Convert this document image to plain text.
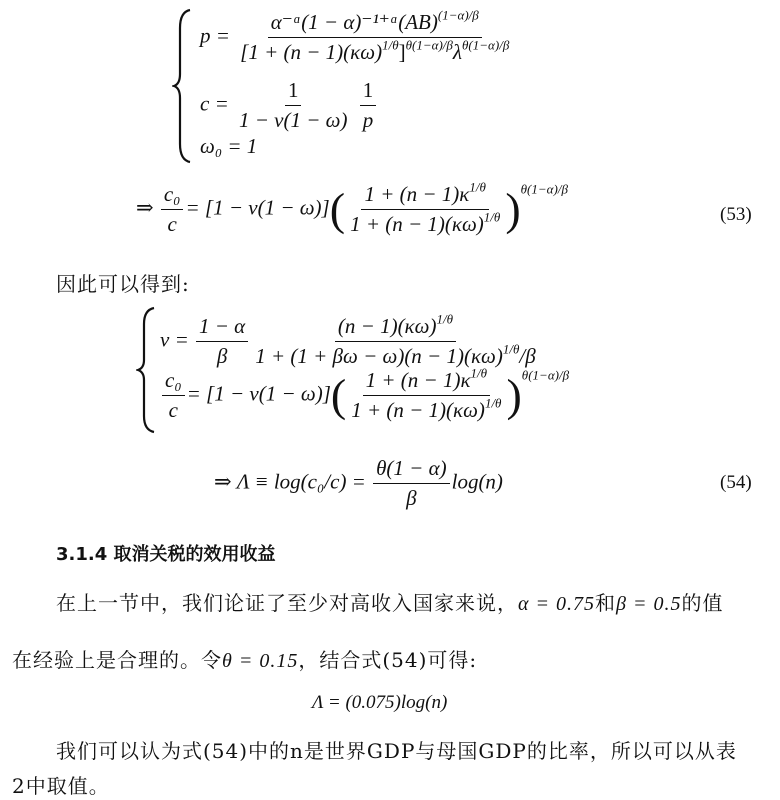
$p = \frac{\alpha^-ᵅ(1 - \alpha)^{-1+}ᵅ(AB)^{(1-\alpha)/\beta}}{[1 + (n - 1)(\kappa\omega)^{1/\theta}]^{\theta(1-\alpha)/\beta}\lambda^{\theta(1-\alpha)/\beta}}$
$c = \frac{1}{1 - v(1 - \omega)}$
$\frac{1}{p}$
ω₀ = 1
⇒ $\frac{\text{c₀}}{c} = [1 - v(1 - \omega)]( \frac{1 + (n - 1)\kappa^{1/\theta}}{1 + (n - 1)(\kappa\omega)^{1/\theta}} )^{\theta(1-\alpha)/\beta}$
(53)
因此可以得到:
$v = \frac{1 - \alpha}{\beta} \frac{(n - 1)(\kappa\omega)^{1/\theta}}{1 + (1 + \beta\omega - \omega)(n - 1)(\kappa\omega)^{1/\theta}/\beta}$
$\frac{\text{c₀}}{c} = [1 - v(1 - \omega)]( \frac{1 + (n - 1)\kappa^{1/\theta}}{1 + (n - 1)(\kappa\omega)^{1/\theta}} )^{\theta(1-\alpha)/\beta}$
⇒ $\Lambda \equiv \log(c_0/c) = \frac{\theta(1 - \alpha)}{\beta} \log(n)$	(54)
3.1.4 取消关税的效用收益
在上一节中，我们论证了至少对高收入国家来说，α = 0.75和β = 0.5的值
在经验上是合理的。令θ = 0.15，结合式(54)可得:
Λ = (0.075)log(n)
我们可以认为式(54)中的n是世界GDP与母国GDP的比率，所以可以从表
2中取值。
